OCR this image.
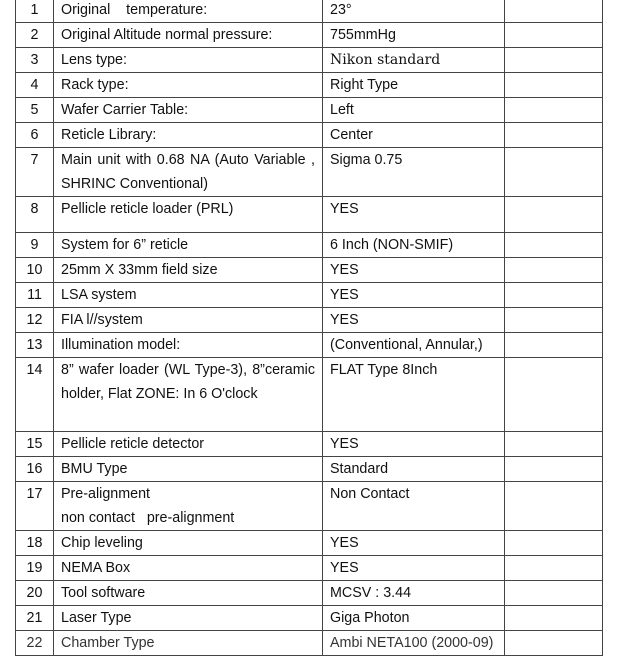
1	Original    temperature:	23°	
2	Original Altitude normal pressure:	755mmHg	
3	Lens type:	Nikon standard	
4	Rack type:	Right Type	
5	Wafer Carrier Table:	Left	
6	Reticle Library:	Center	
7	Main unit with 0.68 NA (Auto Variable , SHRINC Conventional)	Sigma 0.75	
8	Pellicle reticle loader (PRL)	YES	
9	System for 6” reticle	6 Inch (NON-SMIF)	
10	25mm X 33mm field size	YES	
11	LSA system	YES	
12	FIA l//system	YES	
13	Illumination model:	(Conventional, Annular,)	
14	8” wafer loader (WL Type-3), 8”ceramic holder, Flat ZONE: In 6 O'clock	FLAT Type 8Inch	
15	Pellicle reticle detector	YES	
16	BMU Type	Standard	
17	Pre-alignment
non contact   pre-alignment	Non Contact	
18	Chip leveling	YES	
19	NEMA Box	YES	
20	Tool software	MCSV : 3.44	
21	Laser Type	Giga Photon	
22	Chamber Type	Ambi NETA100 (2000-09)	
